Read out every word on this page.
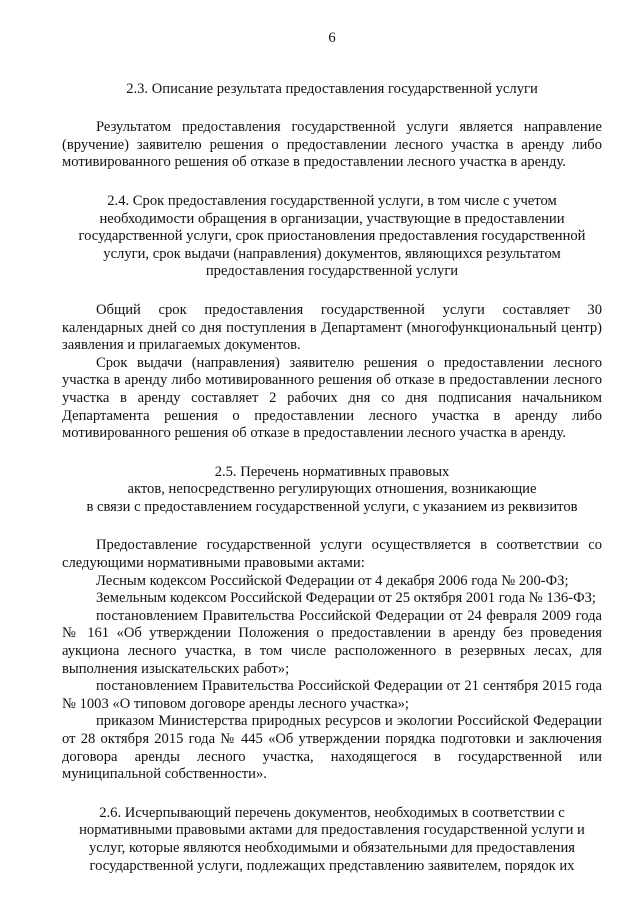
6
2.3. Описание результата предоставления государственной услуги

Результатом предоставления государственной услуги является направление (вручение) заявителю решения о предоставлении лесного участка в аренду либо мотивированного решения об отказе в предоставлении лесного участка в аренду.

2.4. Срок предоставления государственной услуги, в том числе с учетом
необходимости обращения в организации, участвующие в предоставлении
государственной услуги, срок приостановления предоставления государственной
услуги, срок выдачи (направления) документов, являющихся результатом
предоставления государственной услуги

Общий срок предоставления государственной услуги составляет 30 календарных дней со дня поступления в Департамент (многофункциональный центр) заявления и прилагаемых документов.

Срок выдачи (направления) заявителю решения о предоставлении лесного участка в аренду либо мотивированного решения об отказе в предоставлении лесного участка в аренду составляет 2 рабочих дня со дня подписания начальником Департамента решения о предоставлении лесного участка в аренду либо мотивированного решения об отказе в предоставлении лесного участка в аренду.

2.5. Перечень нормативных правовых
актов, непосредственно регулирующих отношения, возникающие
в связи с предоставлением государственной услуги, с указанием из реквизитов

Предоставление государственной услуги осуществляется в соответствии со следующими нормативными правовыми актами:

Лесным кодексом Российской Федерации от 4 декабря 2006 года № 200-ФЗ;

Земельным кодексом Российской Федерации от 25 октября 2001 года № 136-ФЗ;

постановлением Правительства Российской Федерации от 24 февраля 2009 года № 161 «Об утверждении Положения о предоставлении в аренду без проведения аукциона лесного участка, в том числе расположенного в резервных лесах, для выполнения изыскательских работ»;

постановлением Правительства Российской Федерации от 21 сентября 2015 года № 1003 «О типовом договоре аренды лесного участка»;

приказом Министерства природных ресурсов и экологии Российской Федерации от 28 октября 2015 года № 445 «Об утверждении порядка подготовки и заключения договора аренды лесного участка, находящегося в государственной или муниципальной собственности».

2.6. Исчерпывающий перечень документов, необходимых в соответствии с
нормативными правовыми актами для предоставления государственной услуги и
услуг, которые являются необходимыми и обязательными для предоставления
государственной услуги, подлежащих представлению заявителем, порядок их
